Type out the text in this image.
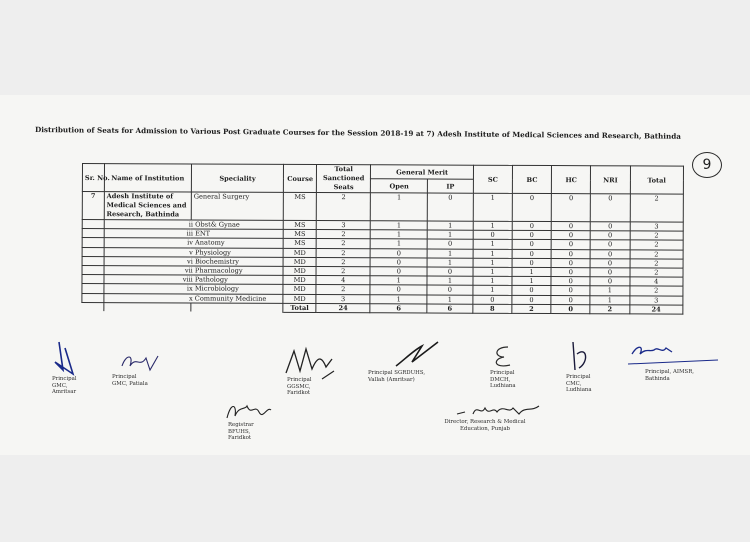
Distribution of Seats for Admission to Various Post Graduate Courses for the Session 2018-19 at 7) Adesh Institute of Medical Sciences and Research, Bathinda
9
Sr. No.	Name of Institution	Speciality	Course	Total Sanctioned Seats	General Merit		SC	BC	HC	NRI	Total
					Open	IP					
7	Adesh Institute of Medical Sciences and Research, Bathinda	General Surgery	MS	2	1	0	1	0	0	0	2
	ii Obst& Gynae		MS	3	1	1	1	0	0	0	3
	iii ENT		MS	2	1	1	0	0	0	0	2
	iv Anatomy		MS	2	1	0	1	0	0	0	2
	v Physiology		MD	2	0	1	1	0	0	0	2
	vi Biochemistry		MD	2	0	1	1	0	0	0	2
	vii Pharmacology		MD	2	0	0	1	1	0	0	2
	viii Pathology		MD	4	1	1	1	1	0	0	4
	ix Microbiology		MD	2	0	0	1	0	0	1	2
	x Community Medicine		MD	3	1	1	0	0	0	1	3
			Total	24	6	6	8	2	0	2	24
Principal GMC, Amritsar
Principal GMC, Patiala
Principal GGSMC, Faridkot
Principal SGRDUHS, Vallah (Amritsar)
Principal DMCH, Ludhiana
Principal CMC, Ludhiana
Principal, AIMSR, Bathinda
Registrar BFUHS, Faridkot
Director, Research & Medical Education, Punjab
